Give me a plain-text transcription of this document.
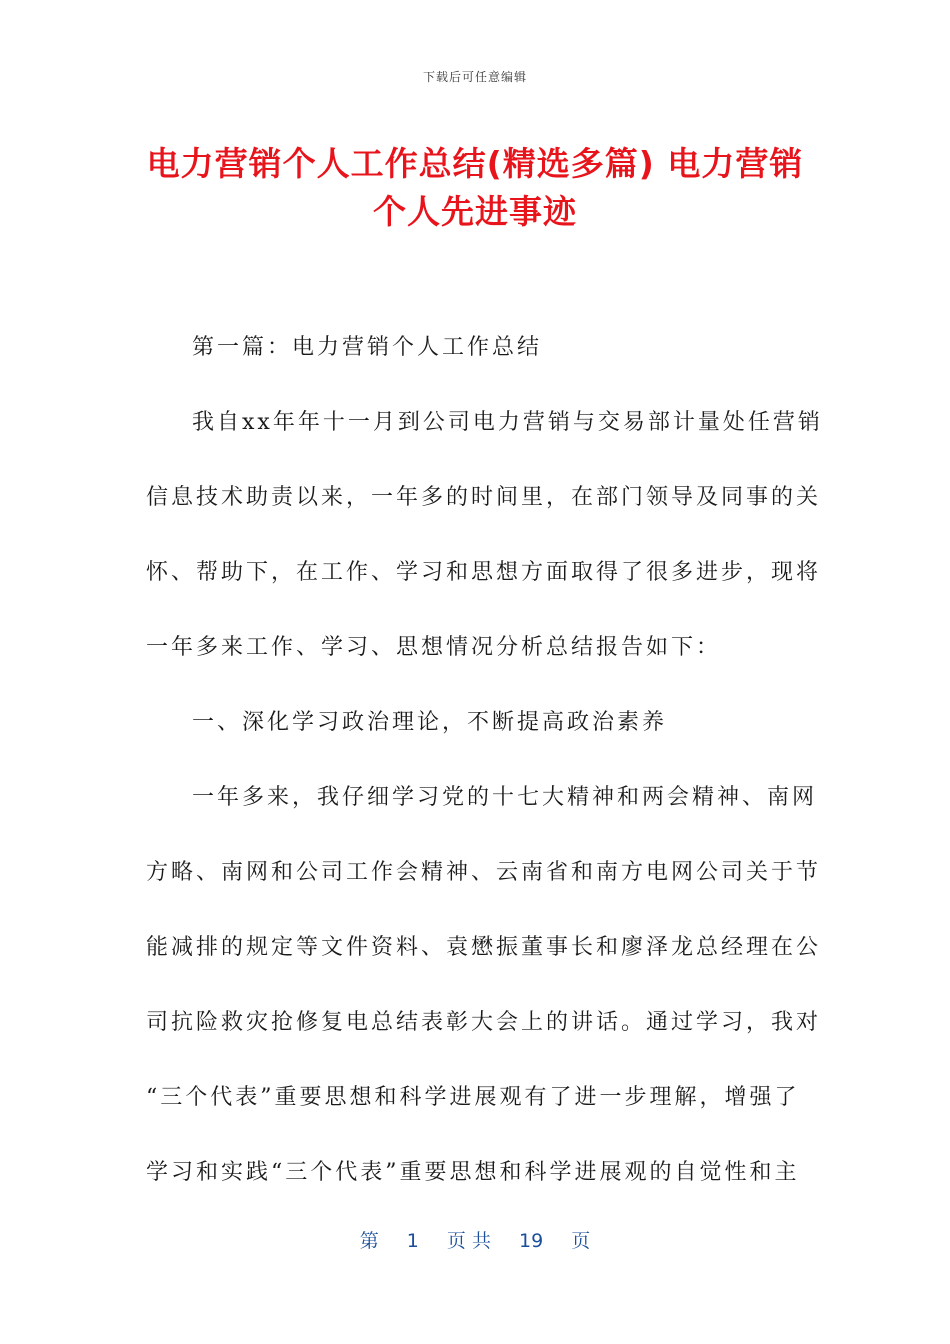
下载后可任意编辑
电力营销个人工作总结(精选多篇) 电力营销
个人先进事迹
第一篇：电力营销个人工作总结
我自xx年年十一月到公司电力营销与交易部计量处任营销
信息技术助责以来，一年多的时间里，在部门领导及同事的关
怀、帮助下，在工作、学习和思想方面取得了很多进步，现将
一年多来工作、学习、思想情况分析总结报告如下：
一、深化学习政治理论，不断提高政治素养
一年多来，我仔细学习党的十七大精神和两会精神、南网
方略、南网和公司工作会精神、云南省和南方电网公司关于节
能减排的规定等文件资料、袁懋振董事长和廖泽龙总经理在公
司抗险救灾抢修复电总结表彰大会上的讲话。通过学习，我对
“三个代表”重要思想和科学进展观有了进一步理解，增强了
学习和实践“三个代表”重要思想和科学进展观的自觉性和主
第 1 页 共 19 页
